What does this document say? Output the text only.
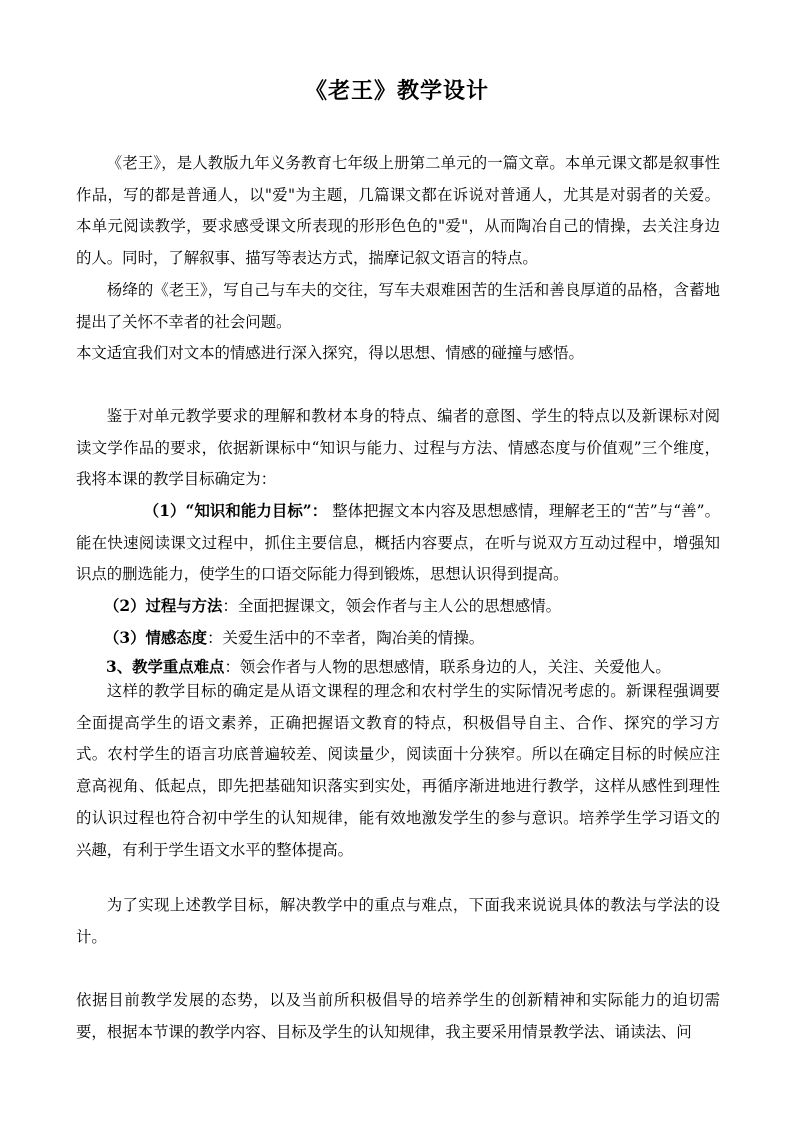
《老王》教学设计

《老王》，是人教版九年义务教育七年级上册第二单元的一篇文章。本单元课文都是叙事性作品，写的都是普通人，以"爱"为主题，几篇课文都在诉说对普通人，尤其是对弱者的关爱。本单元阅读教学，要求感受课文所表现的形形色色的"爱"，从而陶冶自己的情操，去关注身边的人。同时，了解叙事、描写等表达方式，揣摩记叙文语言的特点。

杨绛的《老王》，写自己与车夫的交往，写车夫艰难困苦的生活和善良厚道的品格，含蓄地提出了关怀不幸者的社会问题。

本文适宜我们对文本的情感进行深入探究，得以思想、情感的碰撞与感悟。

鉴于对单元教学要求的理解和教材本身的特点、编者的意图、学生的特点以及新课标对阅读文学作品的要求，依据新课标中“知识与能力、过程与方法、情感态度与价值观”三个维度，我将本课的教学目标确定为：

（1）“知识和能力目标”： 整体把握文本内容及思想感情，理解老王的“苦”与“善”。能在快速阅读课文过程中，抓住主要信息，概括内容要点，在听与说双方互动过程中，增强知识点的删选能力，使学生的口语交际能力得到锻炼，思想认识得到提高。

（2）过程与方法：全面把握课文，领会作者与主人公的思想感情。
（3）情感态度：关爱生活中的不幸者，陶冶美的情操。
3、教学重点难点：领会作者与人物的思想感情，联系身边的人，关注、关爱他人。

这样的教学目标的确定是从语文课程的理念和农村学生的实际情况考虑的。新课程强调要全面提高学生的语文素养，正确把握语文教育的特点，积极倡导自主、合作、探究的学习方式。农村学生的语言功底普遍较差、阅读量少，阅读面十分狭窄。所以在确定目标的时候应注意高视角、低起点，即先把基础知识落实到实处，再循序渐进地进行教学，这样从感性到理性的认识过程也符合初中学生的认知规律，能有效地激发学生的参与意识。培养学生学习语文的兴趣，有利于学生语文水平的整体提高。

为了实现上述教学目标，解决教学中的重点与难点，下面我来说说具体的教法与学法的设计。

依据目前教学发展的态势，以及当前所积极倡导的培养学生的创新精神和实际能力的迫切需要，根据本节课的教学内容、目标及学生的认知规律，我主要采用情景教学法、诵读法、问
